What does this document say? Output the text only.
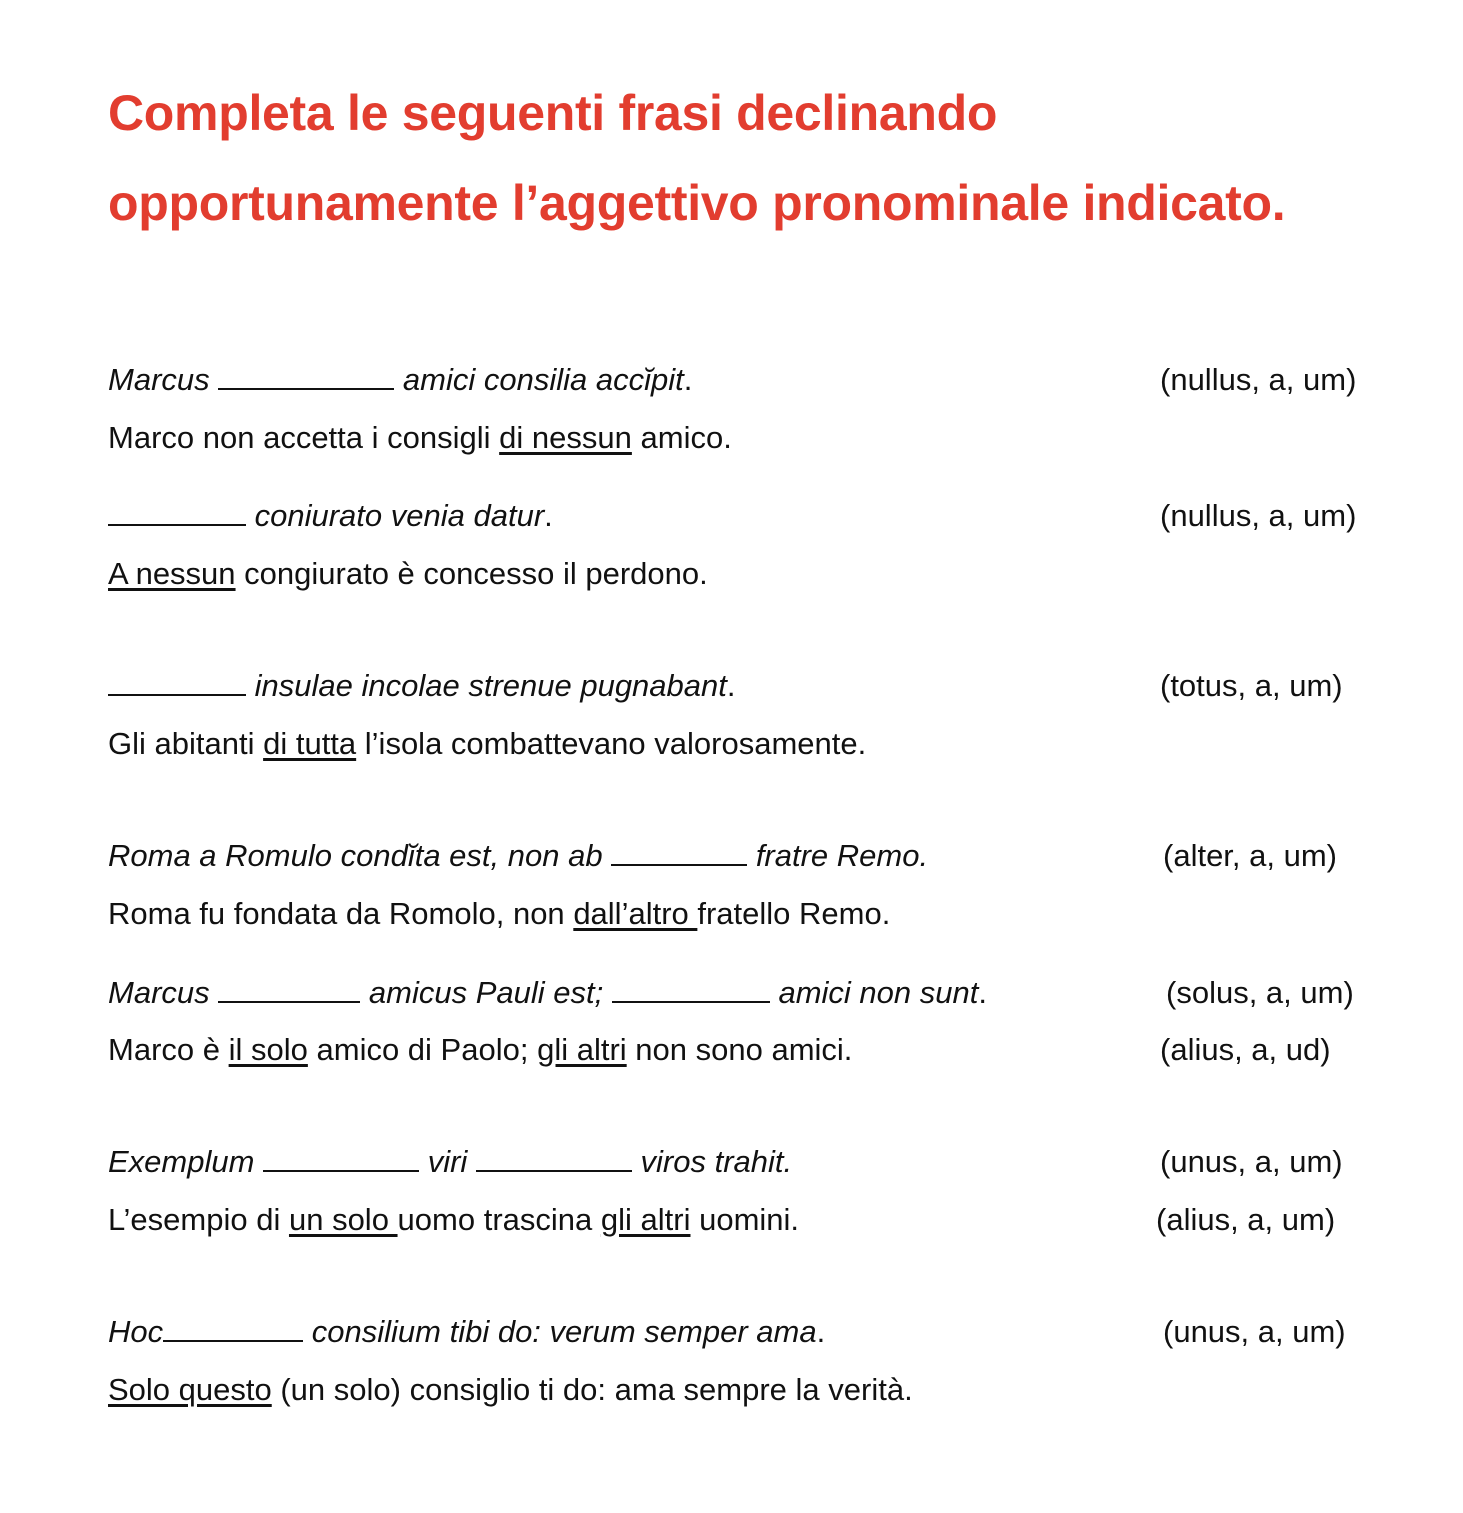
Completa le seguenti frasi declinando
opportunamente l’aggettivo pronominale indicato.
Marcus	amici consilia accĭpit.	(nullus, a, um)
Marco non accetta i consigli di nessun amico.
coniurato venia datur.	(nullus, a, um)
A nessun congiurato è concesso il perdono.
insulae incolae strenue pugnabant.	(totus, a, um)
Gli abitanti di tutta l’isola combattevano valorosamente.
Roma a Romulo condĭta est, non ab	fratre Remo.	(alter, a, um)
Roma fu fondata da Romolo, non dall’altro fratello Remo.
Marcus	amicus Pauli est;	amici non sunt.	(solus, a, um)
Marco è il solo amico di Paolo; gli altri non sono amici.	(alius, a, ud)
Exemplum	viri	viros trahit.	(unus, a, um)
L’esempio di un solo uomo trascina gli altri uomini.	(alius, a, um)
Hoc	consilium tibi do: verum semper ama.	(unus, a, um)
Solo questo (un solo) consiglio ti do: ama sempre la verità.
